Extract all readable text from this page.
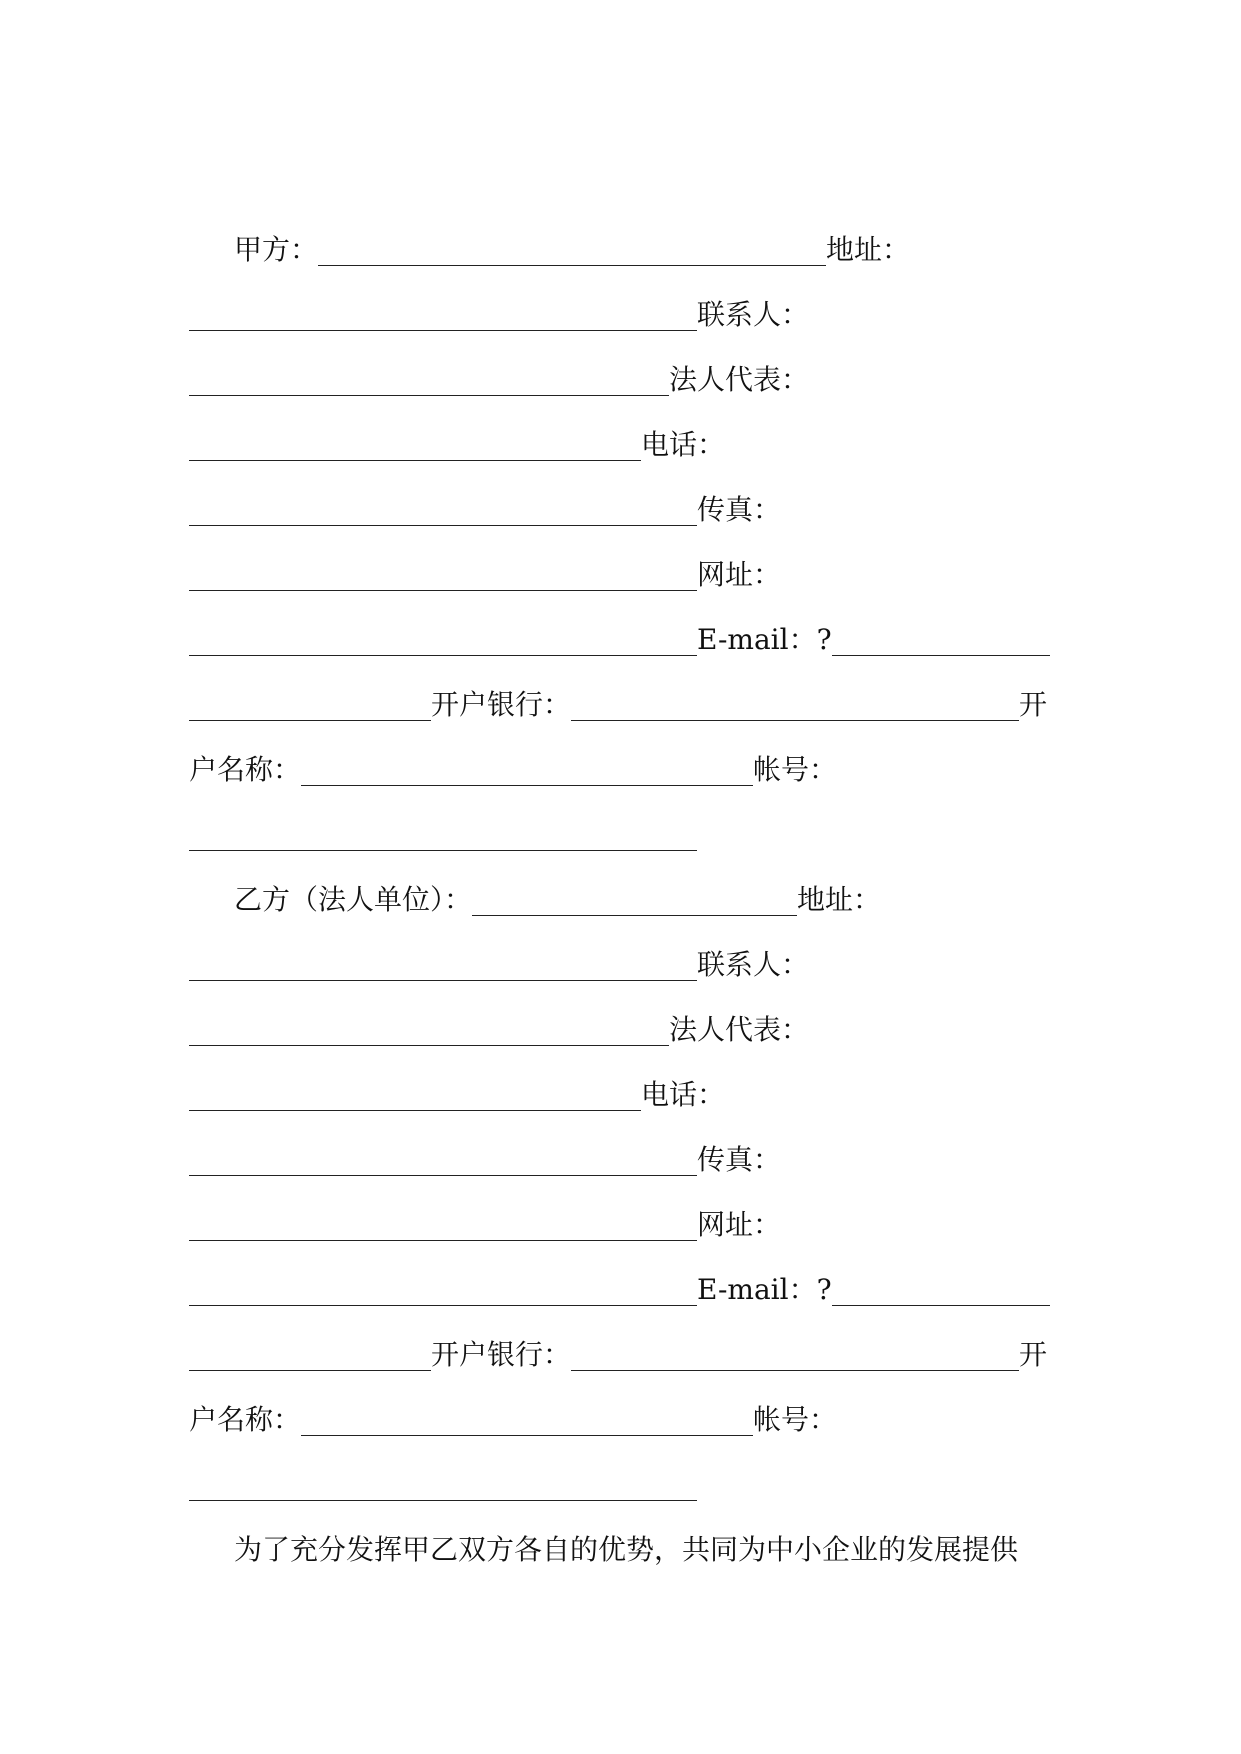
甲方：	地址：
联系人：
法人代表：
电话：
传真：
网址：
E-mail：?
开户银行：	开
户名称：	帐号：
乙方（法人单位）：	地址：
联系人：
法人代表：
电话：
传真：
网址：
E-mail：?
开户银行：	开
户名称：	帐号：
为了充分发挥甲乙双方各自的优势，共同为中小企业的发展提供
